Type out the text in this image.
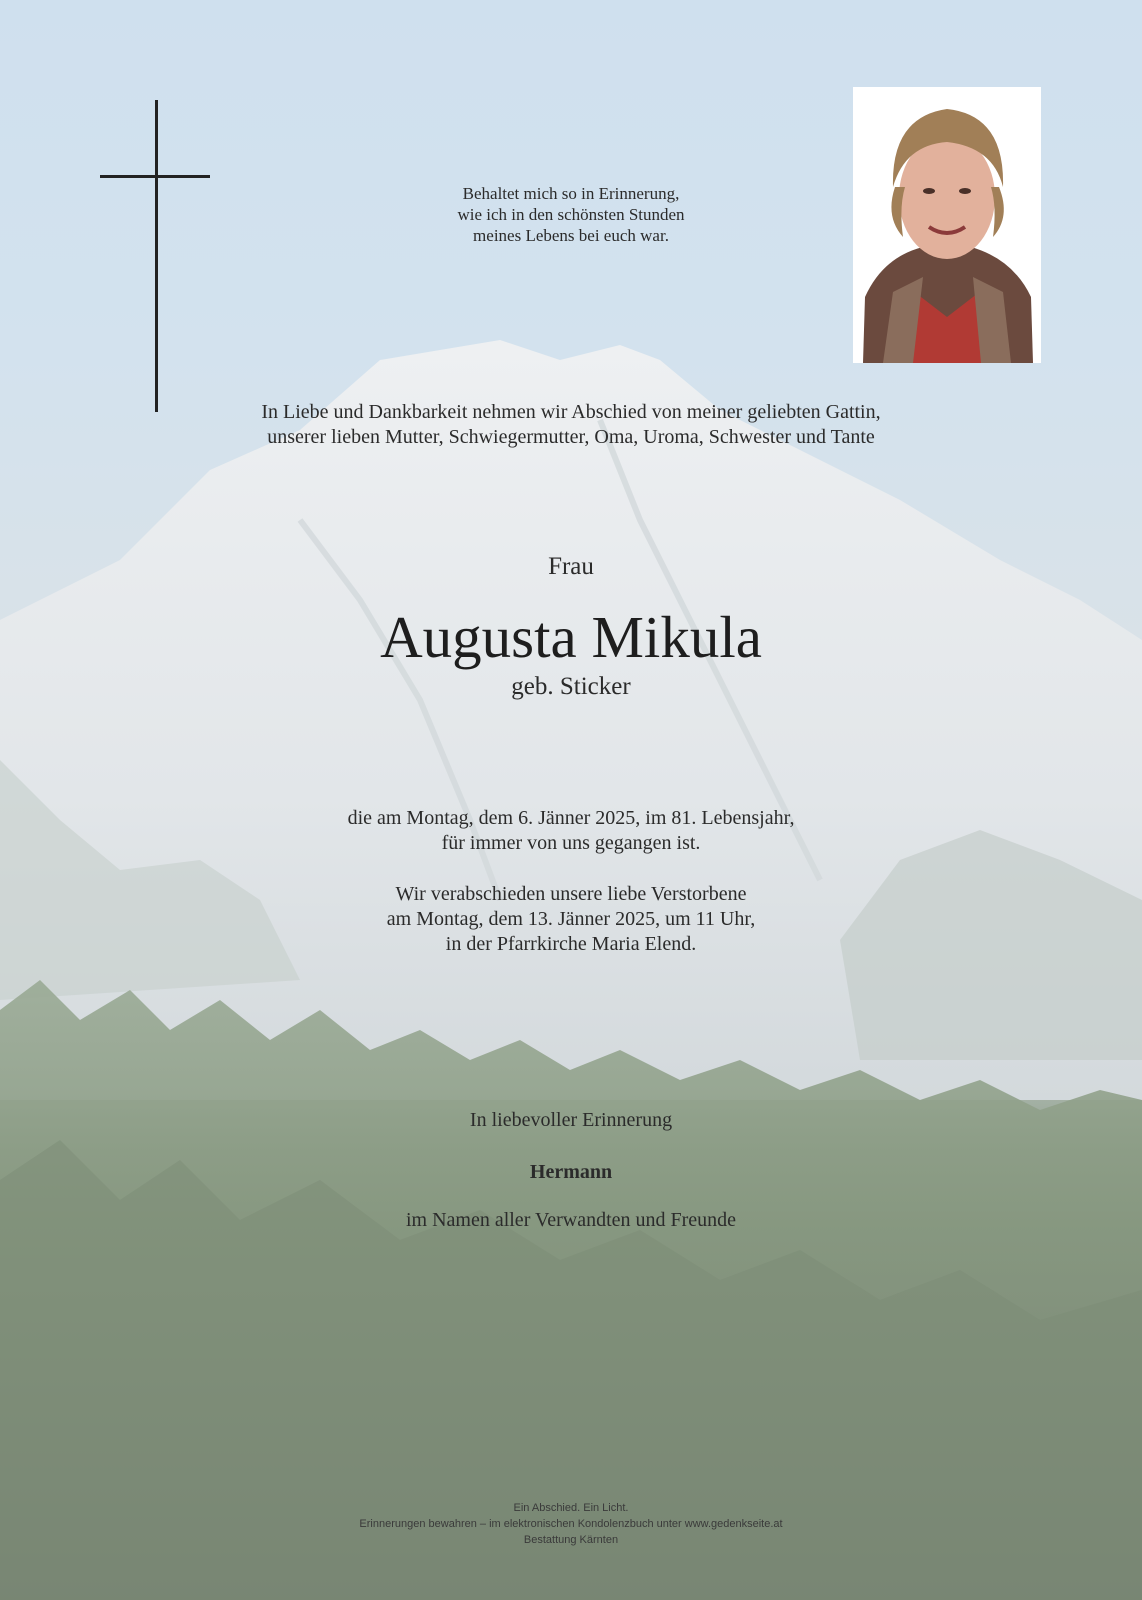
Behaltet mich so in Erinnerung,
wie ich in den schönsten Stunden
meines Lebens bei euch war.
In Liebe und Dankbarkeit nehmen wir Abschied von meiner geliebten Gattin,
unserer lieben Mutter, Schwiegermutter, Oma, Uroma, Schwester und Tante
Frau
Augusta Mikula
geb. Sticker
die am Montag, dem 6. Jänner 2025, im 81. Lebensjahr,
für immer von uns gegangen ist.
Wir verabschieden unsere liebe Verstorbene
am Montag, dem 13. Jänner 2025, um 11 Uhr,
in der Pfarrkirche Maria Elend.
In liebevoller Erinnerung
Hermann
im Namen aller Verwandten und Freunde
Ein Abschied. Ein Licht.
Erinnerungen bewahren – im elektronischen Kondolenzbuch unter www.gedenkseite.at
Bestattung Kärnten
